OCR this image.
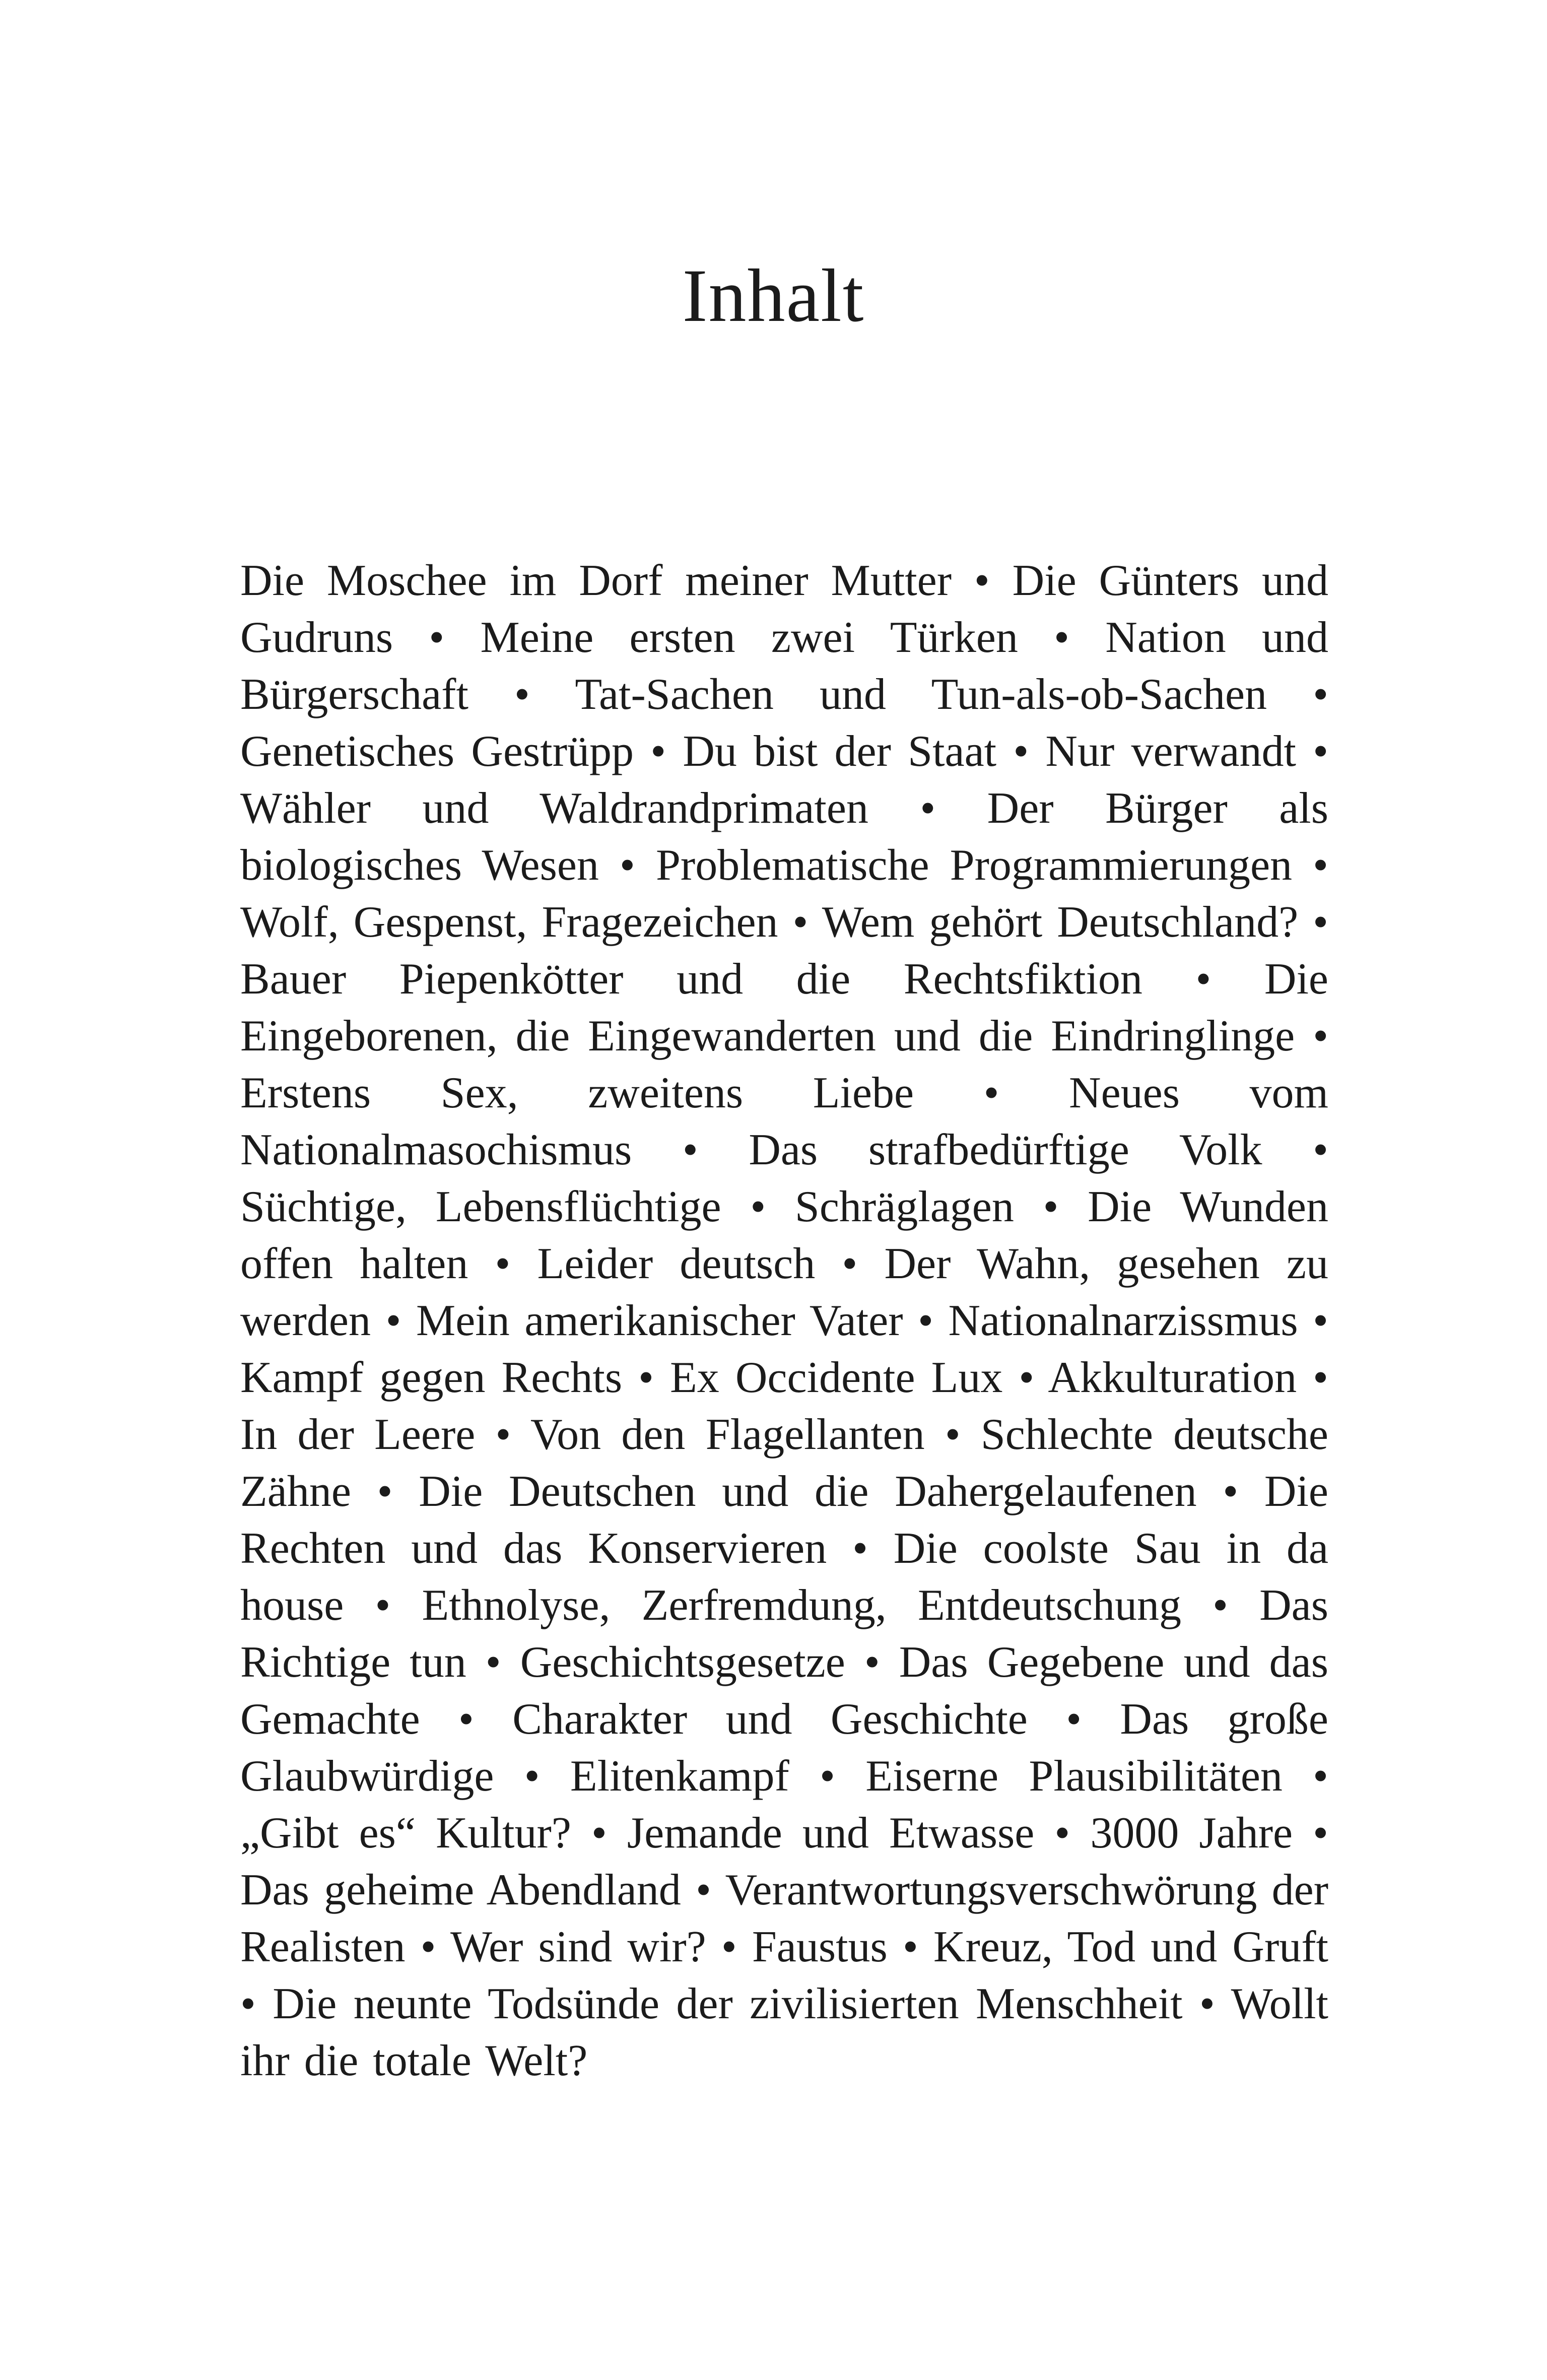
Inhalt

Die Moschee im Dorf meiner Mutter • Die Günters und Gudruns • Meine ersten zwei Türken • Nation und Bürgerschaft • Tat-Sachen und Tun-als-ob-Sachen • Genetisches Gestrüpp • Du bist der Staat • Nur verwandt • Wähler und Waldrandprimaten • Der Bürger als biologisches Wesen • Problematische Programmierungen • Wolf, Gespenst, Fragezeichen • Wem gehört Deutschland? • Bauer Piepenkötter und die Rechtsfiktion • Die Eingeborenen, die Eingewanderten und die Eindringlinge • Erstens Sex, zweitens Liebe • Neues vom Nationalmasochismus • Das strafbedürftige Volk • Süchtige, Lebensflüchtige • Schräglagen • Die Wunden offen halten • Leider deutsch • Der Wahn, gesehen zu werden • Mein amerikanischer Vater • Nationalnarzissmus • Kampf gegen Rechts • Ex Occidente Lux • Akkulturation • In der Leere • Von den Flagellanten • Schlechte deutsche Zähne • Die Deutschen und die Dahergelaufenen • Die Rechten und das Konservieren • Die coolste Sau in da house • Ethnolyse, Zerfremdung, Entdeutschung • Das Richtige tun • Geschichtsgesetze • Das Gegebene und das Gemachte • Charakter und Geschichte • Das große Glaubwürdige • Elitenkampf • Eiserne Plausibilitäten • „Gibt es“ Kultur? • Jemande und Etwasse • 3000 Jahre • Das geheime Abendland • Verantwortungsverschwörung der Realisten • Wer sind wir? • Faustus • Kreuz, Tod und Gruft • Die neunte Todsünde der zivilisierten Menschheit • Wollt ihr die totale Welt?
